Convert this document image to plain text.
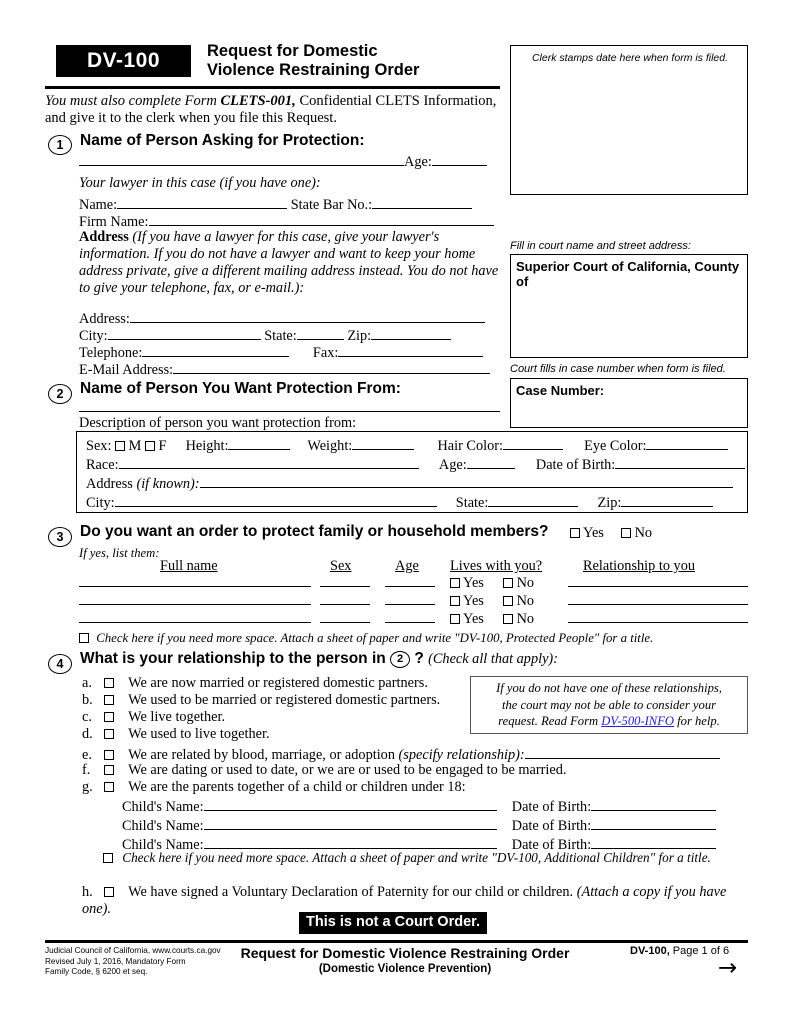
DV-100	Request for Domestic
Violence Restraining Order
You must also complete Form CLETS-001, Confidential CLETS Information, and give it to the clerk when you file this Request.
Clerk stamps date here when form is filed.
Fill in court name and street address:
Superior Court of California, County of
Court fills in case number when form is filed.
Case Number:
1	Name of Person Asking for Protection:
Age:
Your lawyer in this case (if you have one):
Name:	State Bar No.:
Firm Name:
Address (If you have a lawyer for this case, give your lawyer's information. If you do not have a lawyer and want to keep your home address private, give a different mailing address instead. You do not have to give your telephone, fax, or e-mail.):
Address:
City:	State:	Zip:
Telephone:	Fax:
E-Mail Address:
2	Name of Person You Want Protection From:
Description of person you want protection from:
Sex: M F Height:	Weight:	Hair Color:	Eye Color:
Race:	Age:	Date of Birth:
Address (if known):
City:	State:	Zip:
3	Do you want an order to protect family or household members?	Yes No
If yes, list them:
Full name	Sex	Age Lives with you?	Relationship to you
Yes No
Yes No
Yes No
Check here if you need more space. Attach a sheet of paper and write "DV-100, Protected People" for a title.
4	What is your relationship to the person in 2 ? (Check all that apply):
If you do not have one of these relationships,
the court may not be able to consider your
request. Read Form DV-500-INFO for help.
a.	We are now married or registered domestic partners.
b. We used to be married or registered domestic partners.
c.	We live together.
d. We used to live together.
e.	We are related by blood, marriage, or adoption (specify relationship):
f.	We are dating or used to date, or we are or used to be engaged to be married.
g. We are the parents together of a child or children under 18:
Child's Name:	Date of Birth:
Child's Name:	Date of Birth:
Child's Name:	Date of Birth:
Check here if you need more space. Attach a sheet of paper and write "DV-100, Additional Children" for a title.
h. We have signed a Voluntary Declaration of Paternity for our child or children. (Attach a copy if you have one).
This is not a Court Order.
Judicial Council of California, www.courts.ca.gov
Revised July 1, 2016, Mandatory Form
Family Code, § 6200 et seq.
Request for Domestic Violence Restraining Order
(Domestic Violence Prevention)
DV-100, Page 1 of 6
→
